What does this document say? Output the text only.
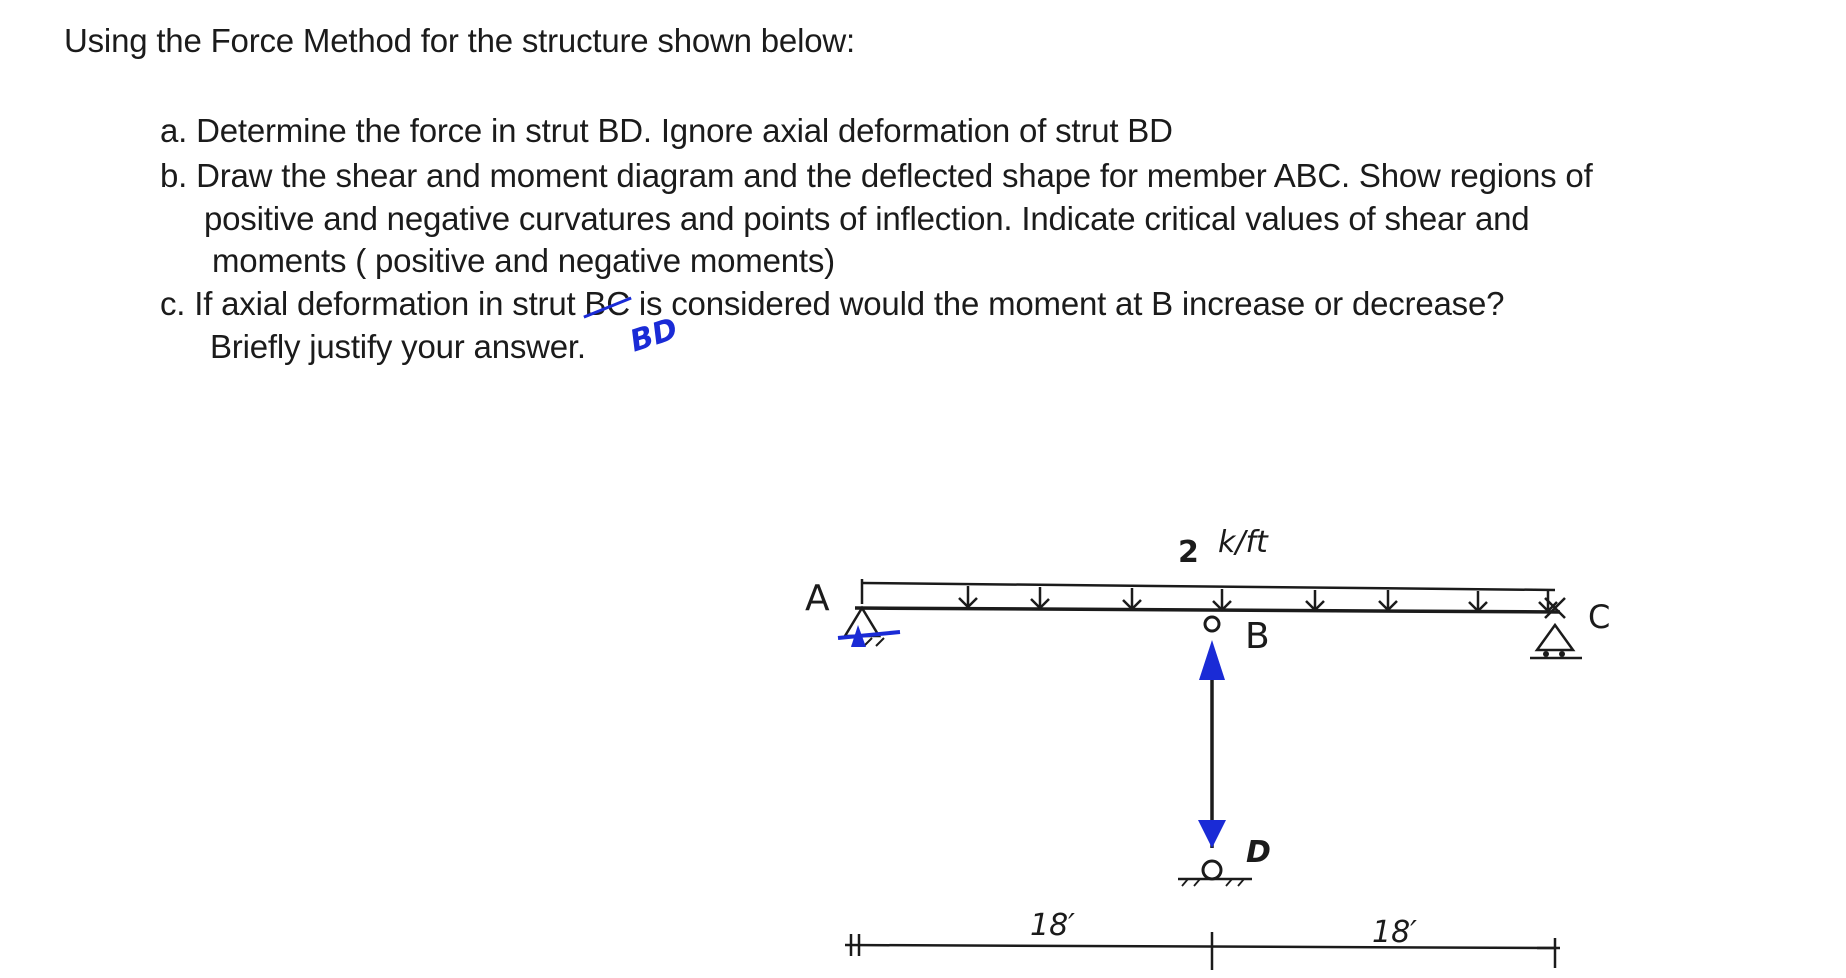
Using the Force Method for the structure shown below:

a. Determine the force in strut BD. Ignore axial deformation of strut BD

b. Draw the shear and moment diagram and the deflected shape for member ABC. Show regions of

positive and negative curvatures and points of inflection. Indicate critical values of shear and

moments ( positive and negative moments)

c. If axial deformation in strut BC is considered would the moment at B increase or decrease?

Briefly justify your answer. BD
A	C
B
D
2 k/ft
18′	18′
